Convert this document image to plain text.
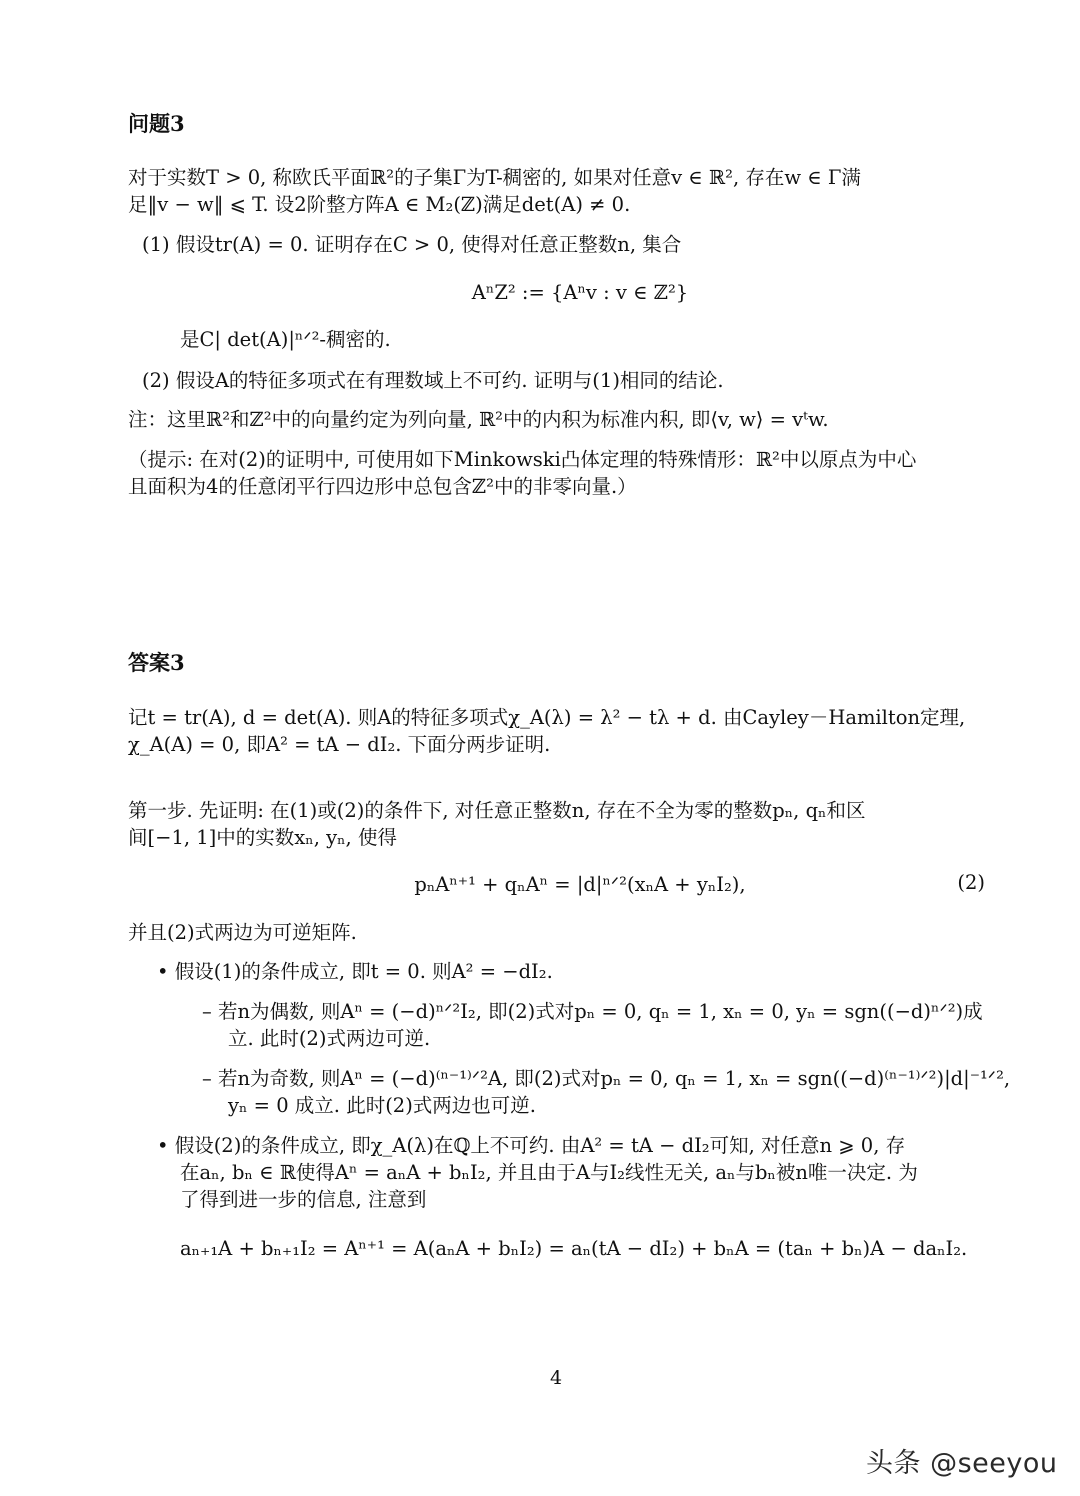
问题3
对于实数T > 0, 称欧氏平面ℝ²的子集Γ为T-稠密的, 如果对任意v ∈ ℝ², 存在w ∈ Γ满
足‖v − w‖ ⩽ T. 设2阶整方阵A ∈ M₂(ℤ)满足det(A) ≠ 0.
(1) 假设tr(A) = 0. 证明存在C > 0, 使得对任意正整数n, 集合
AⁿZ² := {Aⁿv : v ∈ ℤ²}
是C| det(A)|ⁿᐟ²-稠密的.
(2) 假设A的特征多项式在有理数域上不可约. 证明与(1)相同的结论.
注：这里ℝ²和ℤ²中的向量约定为列向量, ℝ²中的内积为标准内积, 即⟨v, w⟩ = vᵗw.
（提示: 在对(2)的证明中, 可使用如下Minkowski凸体定理的特殊情形：ℝ²中以原点为中心
且面积为4的任意闭平行四边形中总包含ℤ²中的非零向量.）
答案3
记t = tr(A), d = det(A). 则A的特征多项式χ_A(λ) = λ² − tλ + d. 由Cayley－Hamilton定理,
χ_A(A) = 0, 即A² = tA − dI₂. 下面分两步证明.
第一步. 先证明: 在(1)或(2)的条件下, 对任意正整数n, 存在不全为零的整数pₙ, qₙ和区
间[−1, 1]中的实数xₙ, yₙ, 使得
pₙAⁿ⁺¹ + qₙAⁿ = |d|ⁿᐟ²(xₙA + yₙI₂),	(2)
并且(2)式两边为可逆矩阵.
• 假设(1)的条件成立, 即t = 0. 则A² = −dI₂.
– 若n为偶数, 则Aⁿ = (−d)ⁿᐟ²I₂, 即(2)式对pₙ = 0, qₙ = 1, xₙ = 0, yₙ = sgn((−d)ⁿᐟ²)成
立. 此时(2)式两边可逆.
– 若n为奇数, 则Aⁿ = (−d)⁽ⁿ⁻¹⁾ᐟ²A, 即(2)式对pₙ = 0, qₙ = 1, xₙ = sgn((−d)⁽ⁿ⁻¹⁾ᐟ²)|d|⁻¹ᐟ²,
yₙ = 0 成立. 此时(2)式两边也可逆.
• 假设(2)的条件成立, 即χ_A(λ)在ℚ上不可约. 由A² = tA − dI₂可知, 对任意n ⩾ 0, 存
在aₙ, bₙ ∈ ℝ使得Aⁿ = aₙA + bₙI₂, 并且由于A与I₂线性无关, aₙ与bₙ被n唯一决定. 为
了得到进一步的信息, 注意到
aₙ₊₁A + bₙ₊₁I₂ = Aⁿ⁺¹ = A(aₙA + bₙI₂) = aₙ(tA − dI₂) + bₙA = (taₙ + bₙ)A − daₙI₂.
4
头条 @seeyou
